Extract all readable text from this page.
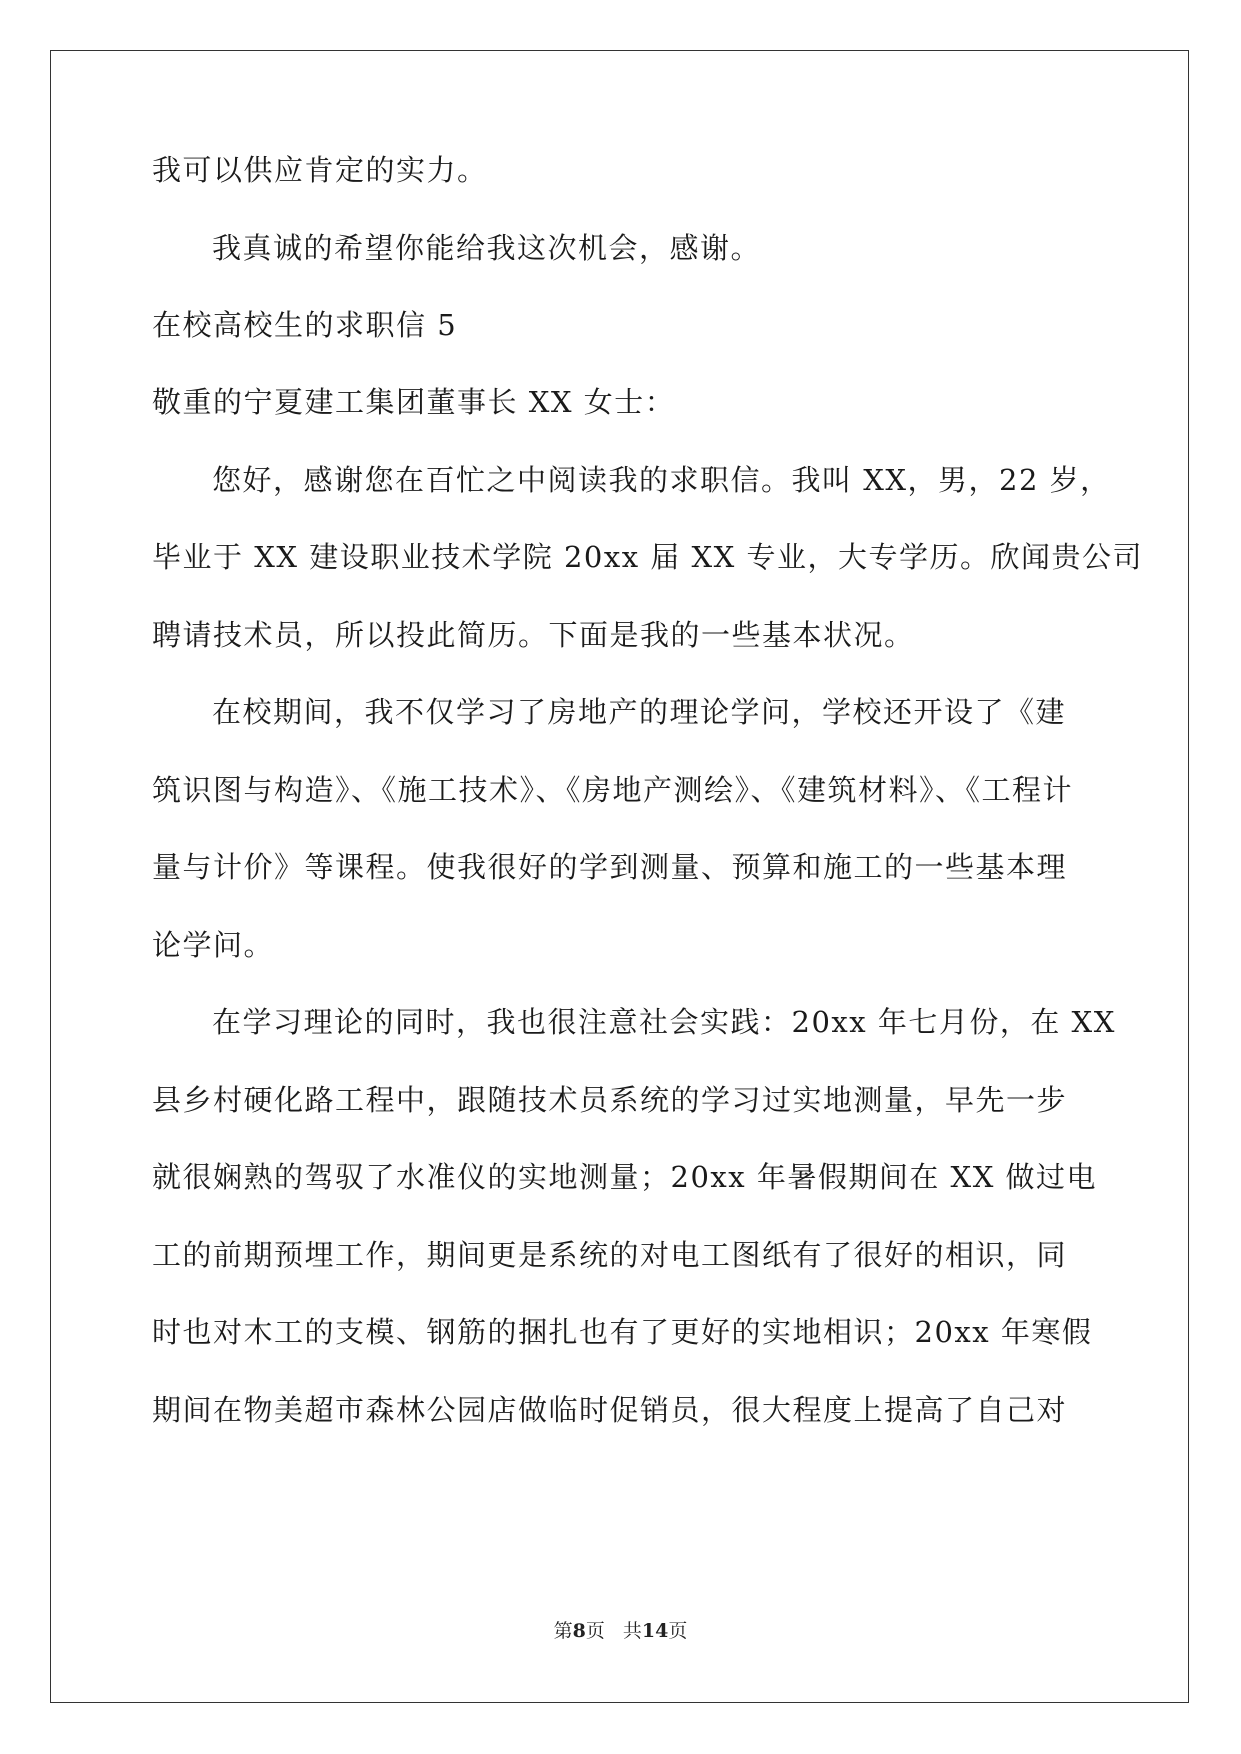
我可以供应肯定的实力。
我真诚的希望你能给我这次机会，感谢。
在校高校生的求职信 5
敬重的宁夏建工集团董事长 XX 女士：
您好，感谢您在百忙之中阅读我的求职信。我叫 XX，男，22 岁，
毕业于 XX 建设职业技术学院 20xx 届 XX 专业，大专学历。欣闻贵公司
聘请技术员，所以投此简历。下面是我的一些基本状况。
在校期间，我不仅学习了房地产的理论学问，学校还开设了《建
筑识图与构造》、《施工技术》、《房地产测绘》、《建筑材料》、《工程计
量与计价》等课程。使我很好的学到测量、预算和施工的一些基本理
论学问。
在学习理论的同时，我也很注意社会实践：20xx 年七月份，在 XX
县乡村硬化路工程中，跟随技术员系统的学习过实地测量，早先一步
就很娴熟的驾驭了水准仪的实地测量；20xx 年暑假期间在 XX 做过电
工的前期预埋工作，期间更是系统的对电工图纸有了很好的相识，同
时也对木工的支模、钢筋的捆扎也有了更好的实地相识；20xx 年寒假
期间在物美超市森林公园店做临时促销员，很大程度上提高了自己对
第8页 共14页
